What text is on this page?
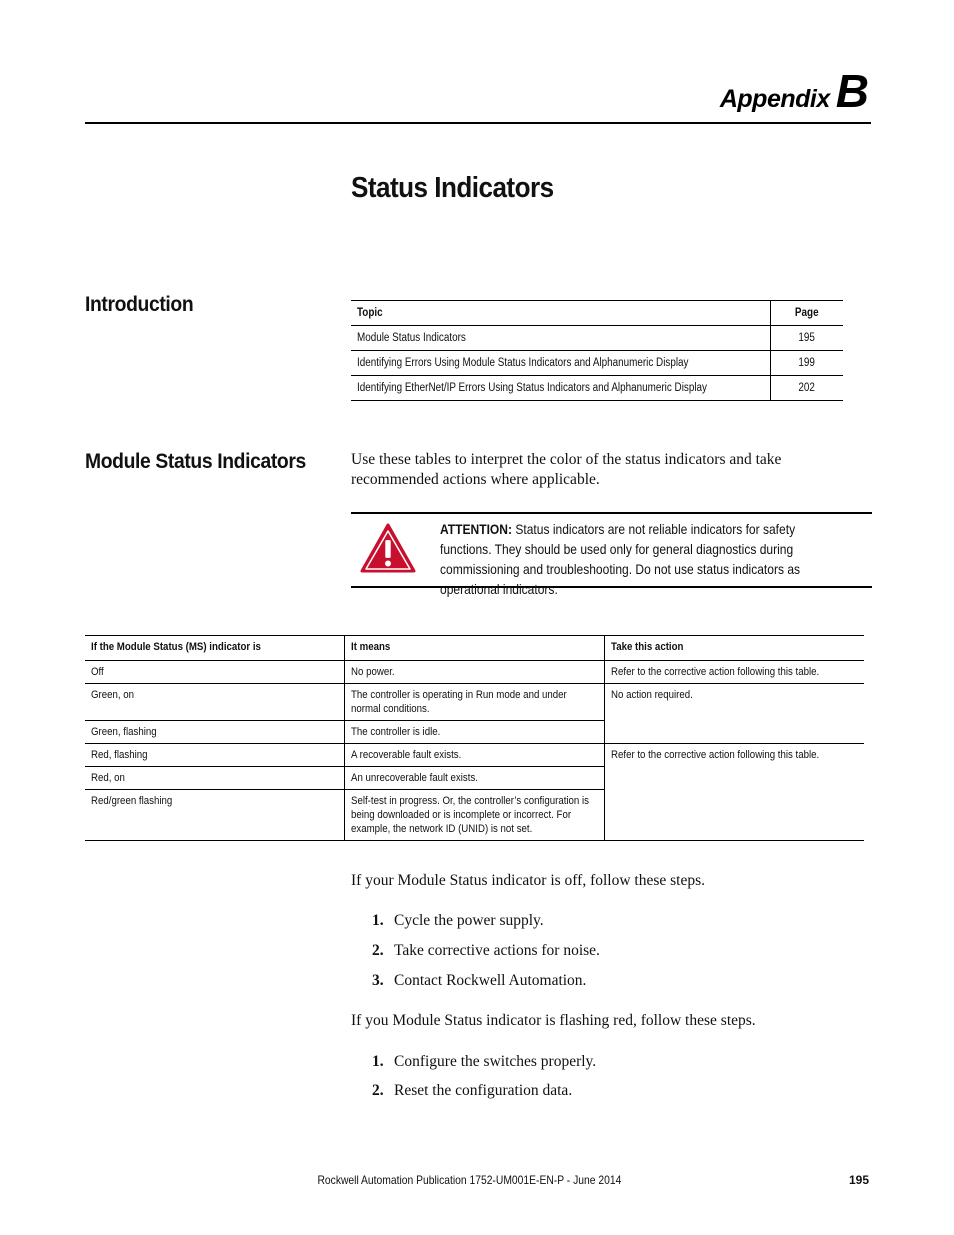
Appendix B
Status Indicators
Introduction	Topic	Page
Module Status Indicators	195
Identifying Errors Using Module Status Indicators and Alphanumeric Display	199
Identifying EtherNet/IP Errors Using Status Indicators and Alphanumeric Display	202
Module Status Indicators	Use these tables to interpret the color of the status indicators and take recommended actions where applicable.
ATTENTION: Status indicators are not reliable indicators for safety functions. They should be used only for general diagnostics during commissioning and troubleshooting. Do not use status indicators as operational indicators.
If the Module Status (MS) indicator is	It means	Take this action

Off	No power.	Refer to the corrective action following this table.

Green, on	The controller is operating in Run mode and under normal conditions.	No action required.

Green, flashing	The controller is idle.	

Red, flashing	A recoverable fault exists.	Refer to the corrective action following this table.

Red, on	An unrecoverable fault exists.	

Red/green flashing	Self-test in progress. Or, the controller’s configuration is being downloaded or is incomplete or incorrect. For example, the network ID (UNID) is not set.	
If your Module Status indicator is off, follow these steps.
1. Cycle the power supply.
2. Take corrective actions for noise.
3. Contact Rockwell Automation.
If you Module Status indicator is flashing red, follow these steps.
1. Configure the switches properly.
2. Reset the configuration data.
Rockwell Automation Publication 1752-UM001E-EN-P - June 2014	195
